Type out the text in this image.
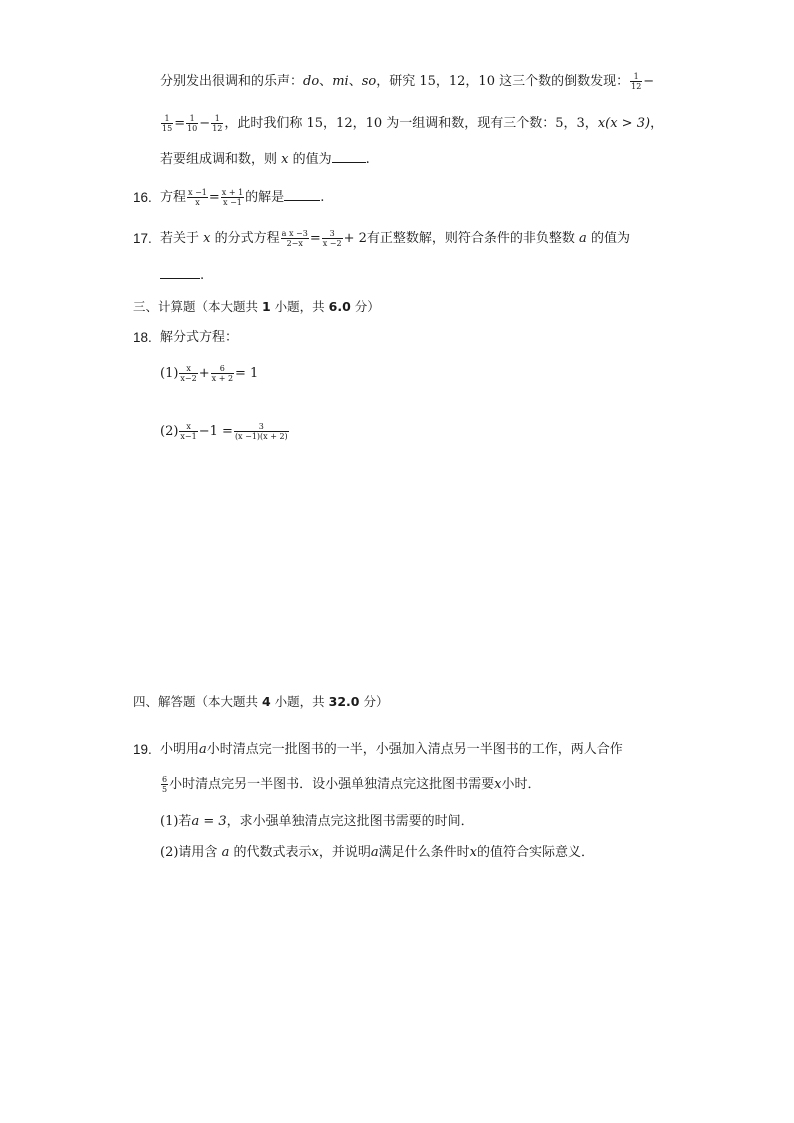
分别发出很调和的乐声：do、mi、so，研究 15，12，10 这三个数的倒数发现： $\frac{1}{12}$ −
$\frac{1}{15} = \frac{1}{10} - \frac{1}{12}$ ，此时我们称 15，12，10 为一组调和数，现有三个数：5，3，x(x > 3)，
若要组成调和数，则 x 的值为	.
16. 方程 $\frac{x -1}{x} = \frac{x + 1}{x -1}$ 的解是	.
17. 若关于 x 的分式方程 $\frac{\text{a x −3}}{2-x} = \frac{3}{x -2} + 2$有正整数解，则符合条件的非负整数 a 的值为
.
三、计算题（本大题共 1 小题，共 6.0 分）
18. 解分式方程：
$(1) \frac{x}{x-2} + \frac{6}{x + 2} = 1$
$(2) \frac{x}{x-1} -1 = \frac{3}{(x -1)(x + 2)}$
四、解答题（本大题共 4 小题，共 32.0 分）
19. 小明用a小时清点完一批图书的一半，小强加入清点另一半图书的工作，两人合作
$\frac{6}{5}$ 小时清点完另一半图书．设小强单独清点完这批图书需要x小时．
(1)若a = 3，求小强单独清点完这批图书需要的时间．
(2)请用含 a 的代数式表示x，并说明a满足什么条件时x的值符合实际意义．
